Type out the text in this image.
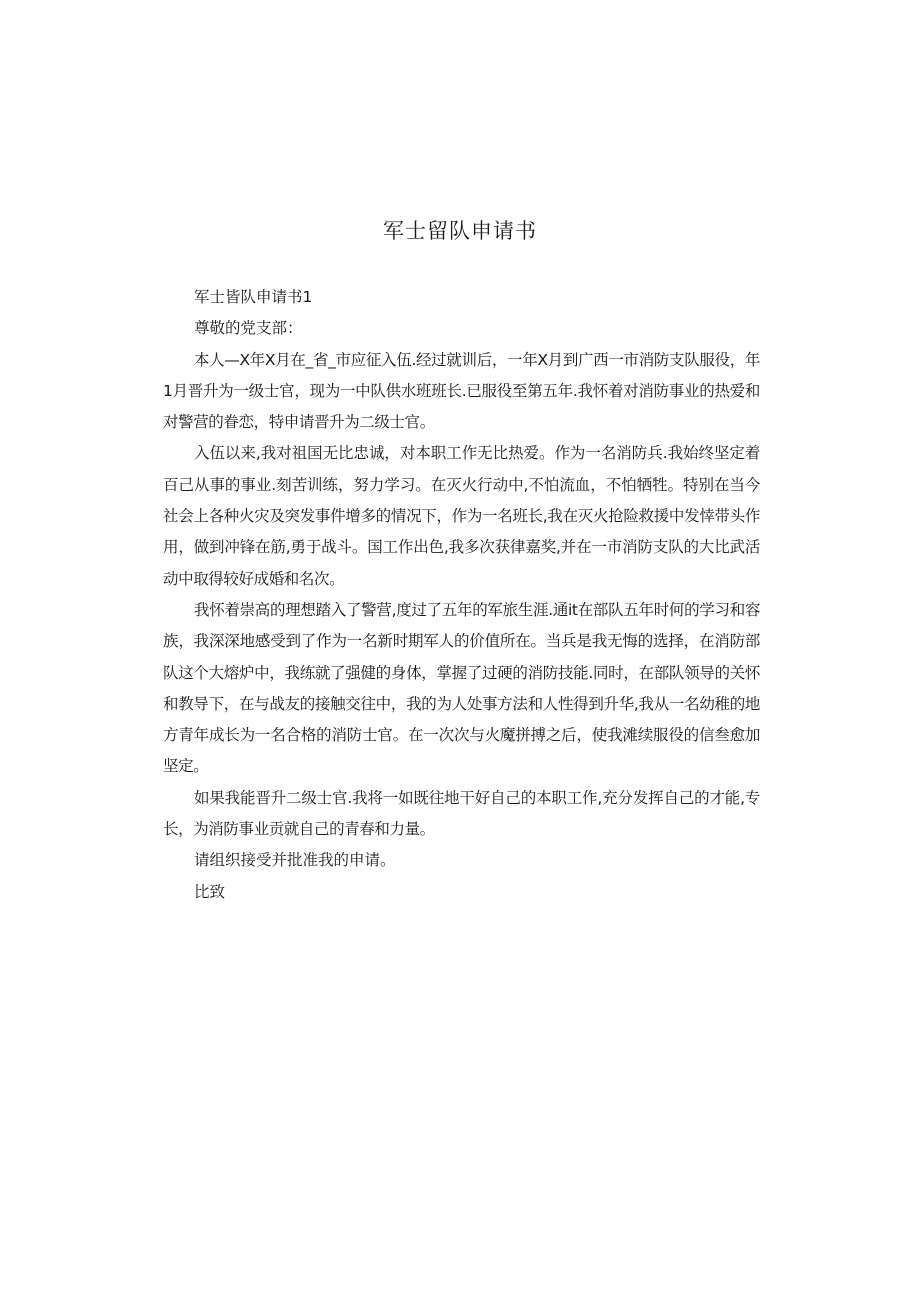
军士留队申请书

军士皆队申请书1

尊敬的党支部：

本人—X年X月在_省_市应征入伍.经过就训后，一年X月到广西一市消防支队服役，年1月晋升为一级士官，现为一中队供水班班长.已服役至第五年.我怀着对消防事业的热爱和对警营的眷恋，特申请晋升为二级士官。

入伍以来,我对祖国无比忠诚，对本职工作无比热爱。作为一名消防兵.我始终坚定着百己从事的事业.刻苦训练，努力学习。在灭火行动中,不怕流血，不怕牺牲。特别在当今社会上各种火灾及突发事件增多的情况下，作为一名班长,我在灭火抢险救援中发悻带头作用，做到冲锋在筋,勇于战斗。国工作出色,我多次获律嘉奖,并在一市消防支队的大比武活动中取得较好成婚和名次。

我怀着崇高的理想踏入了警营,度过了五年的军旅生涯.通it在部队五年时何的学习和容族，我深深地感受到了作为一名新时期军人的价值所在。当兵是我无悔的选择，在消防部队这个大熔炉中，我练就了强健的身体，掌握了过硬的消防技能.同时，在部队领导的关怀和教导下，在与战友的接触交往中，我的为人处事方法和人性得到升华,我从一名幼稚的地方青年成长为一名合格的消防士官。在一次次与火魔拼搏之后，使我滩续服役的信叁愈加坚定。

如果我能晋升二级士官.我将一如既往地干好自己的本职工作,充分发挥自己的才能,专长，为消防事业贡就自己的青春和力量。

请组织接受并批准我的申请。

比致
